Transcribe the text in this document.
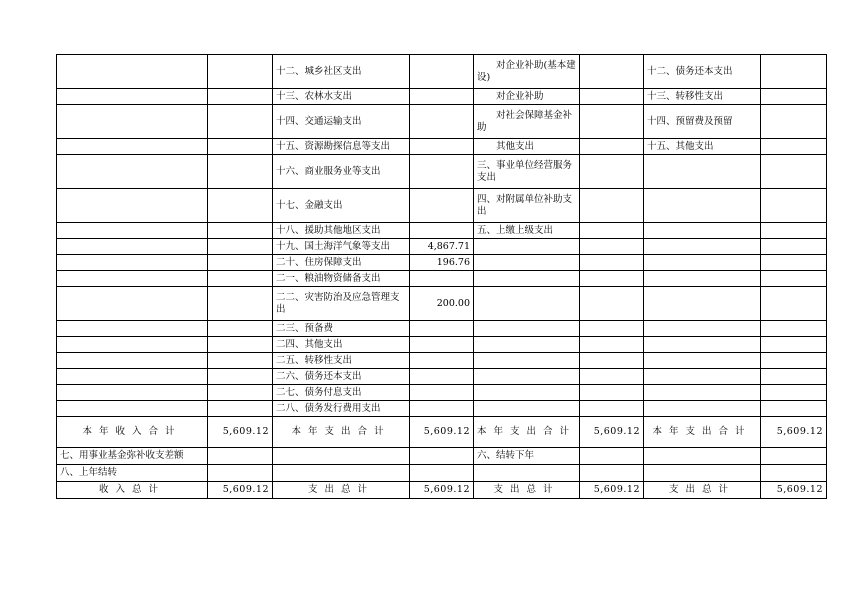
		十二、城乡社区支出		　　对企业补助(基本建设)		十二、债务还本支出	
		十三、农林水支出		　　对企业补助		十三、转移性支出	
		十四、交通运输支出		　　对社会保障基金补助		十四、预留费及预留	
		十五、资源勘探信息等支出		　　其他支出		十五、其他支出	
		十六、商业服务业等支出		三、事业单位经营服务支出			
		十七、金融支出		四、对附属单位补助支出			
		十八、援助其他地区支出		五、上缴上级支出			
		十九、国土海洋气象等支出	4,867.71				
		二十、住房保障支出	196.76				
		二一、粮油物资储备支出					
		二二、灾害防治及应急管理支出	200.00				
		二三、预备费					
		二四、其他支出					
		二五、转移性支出					
		二六、债务还本支出					
		二七、债务付息支出					
		二八、债务发行费用支出					
本年收入合计	5,609.12	本年支出合计	5,609.12	本年支出合计	5,609.12	本年支出合计	5,609.12
七、用事业基金弥补收支差额				六、结转下年			
八、上年结转							
收入总计	5,609.12	支出总计	5,609.12	支出总计	5,609.12	支出总计	5,609.12
